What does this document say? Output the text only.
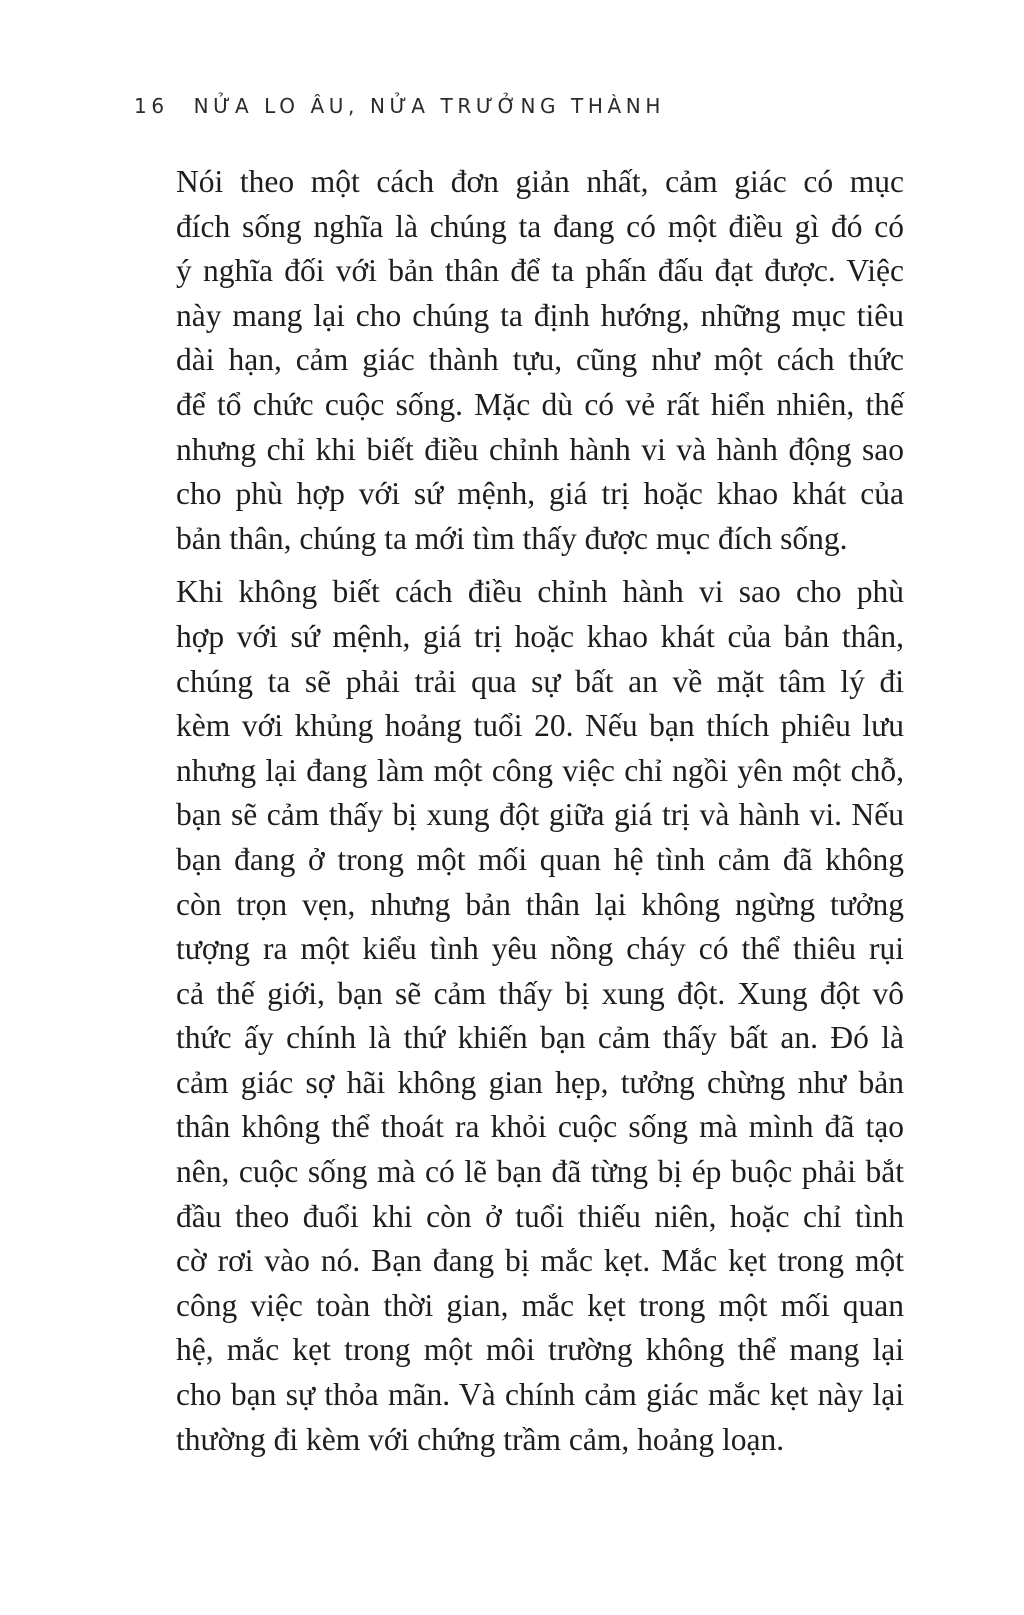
16 NỬA LO ÂU, NỬA TRƯỞNG THÀNH

Nói theo một cách đơn giản nhất, cảm giác có mục
đích sống nghĩa là chúng ta đang có một điều gì đó có
ý nghĩa đối với bản thân để ta phấn đấu đạt được. Việc
này mang lại cho chúng ta định hướng, những mục tiêu
dài hạn, cảm giác thành tựu, cũng như một cách thức
để tổ chức cuộc sống. Mặc dù có vẻ rất hiển nhiên, thế
nhưng chỉ khi biết điều chỉnh hành vi và hành động sao
cho phù hợp với sứ mệnh, giá trị hoặc khao khát của
bản thân, chúng ta mới tìm thấy được mục đích sống.

Khi không biết cách điều chỉnh hành vi sao cho phù
hợp với sứ mệnh, giá trị hoặc khao khát của bản thân,
chúng ta sẽ phải trải qua sự bất an về mặt tâm lý đi
kèm với khủng hoảng tuổi 20. Nếu bạn thích phiêu lưu
nhưng lại đang làm một công việc chỉ ngồi yên một chỗ,
bạn sẽ cảm thấy bị xung đột giữa giá trị và hành vi. Nếu
bạn đang ở trong một mối quan hệ tình cảm đã không
còn trọn vẹn, nhưng bản thân lại không ngừng tưởng
tượng ra một kiểu tình yêu nồng cháy có thể thiêu rụi
cả thế giới, bạn sẽ cảm thấy bị xung đột. Xung đột vô
thức ấy chính là thứ khiến bạn cảm thấy bất an. Đó là
cảm giác sợ hãi không gian hẹp, tưởng chừng như bản
thân không thể thoát ra khỏi cuộc sống mà mình đã tạo
nên, cuộc sống mà có lẽ bạn đã từng bị ép buộc phải bắt
đầu theo đuổi khi còn ở tuổi thiếu niên, hoặc chỉ tình
cờ rơi vào nó. Bạn đang bị mắc kẹt. Mắc kẹt trong một
công việc toàn thời gian, mắc kẹt trong một mối quan
hệ, mắc kẹt trong một môi trường không thể mang lại
cho bạn sự thỏa mãn. Và chính cảm giác mắc kẹt này lại
thường đi kèm với chứng trầm cảm, hoảng loạn.
